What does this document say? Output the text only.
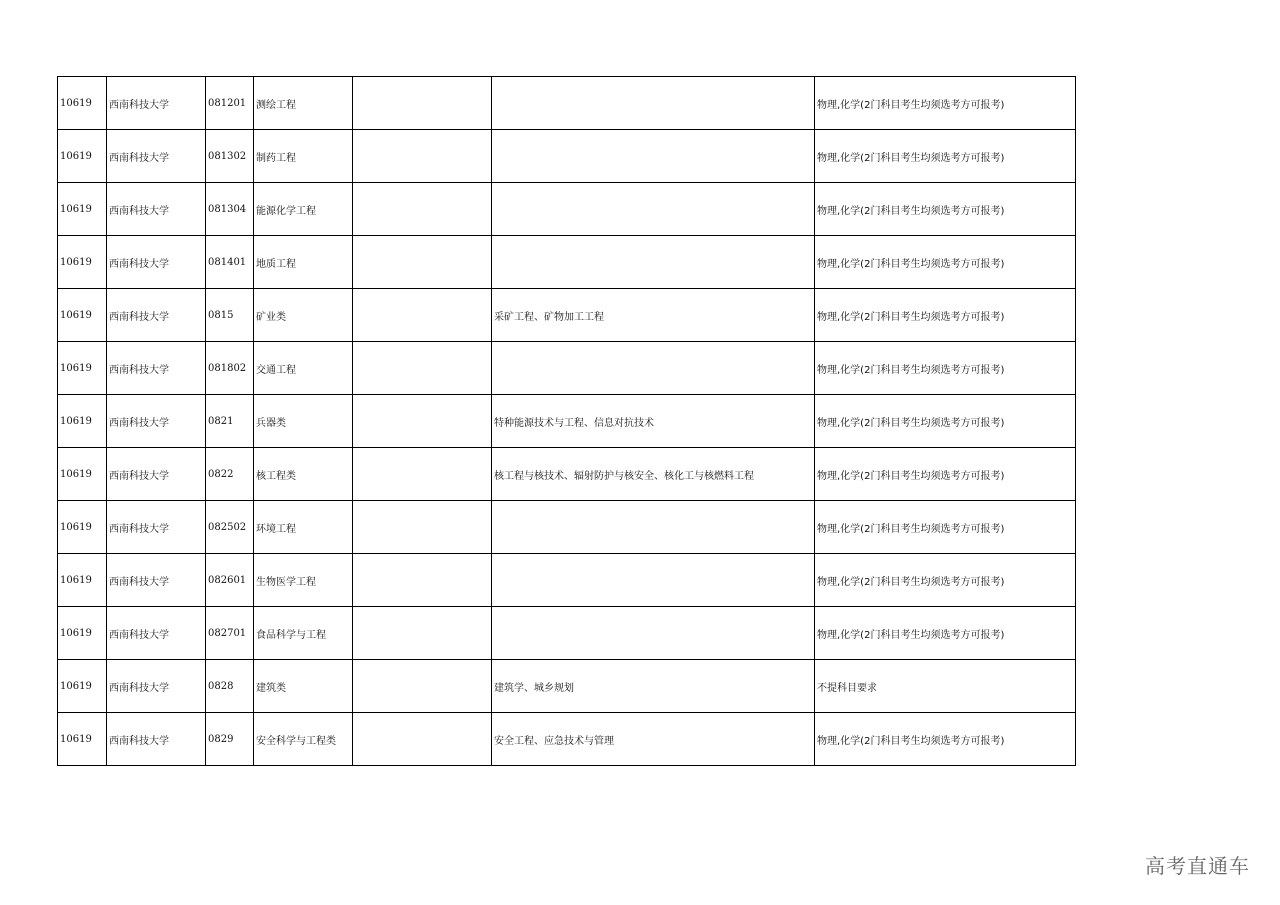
10619	西南科技大学	081201	测绘工程			物理,化学(2门科目考生均须选考方可报考)
10619	西南科技大学	081302	制药工程			物理,化学(2门科目考生均须选考方可报考)
10619	西南科技大学	081304	能源化学工程			物理,化学(2门科目考生均须选考方可报考)
10619	西南科技大学	081401	地质工程			物理,化学(2门科目考生均须选考方可报考)
10619	西南科技大学	0815	矿业类		采矿工程、矿物加工工程	物理,化学(2门科目考生均须选考方可报考)
10619	西南科技大学	081802	交通工程			物理,化学(2门科目考生均须选考方可报考)
10619	西南科技大学	0821	兵器类		特种能源技术与工程、信息对抗技术	物理,化学(2门科目考生均须选考方可报考)
10619	西南科技大学	0822	核工程类		核工程与核技术、辐射防护与核安全、核化工与核燃料工程	物理,化学(2门科目考生均须选考方可报考)
10619	西南科技大学	082502	环境工程			物理,化学(2门科目考生均须选考方可报考)
10619	西南科技大学	082601	生物医学工程			物理,化学(2门科目考生均须选考方可报考)
10619	西南科技大学	082701	食品科学与工程			物理,化学(2门科目考生均须选考方可报考)
10619	西南科技大学	0828	建筑类		建筑学、城乡规划	不提科目要求
10619	西南科技大学	0829	安全科学与工程类		安全工程、应急技术与管理	物理,化学(2门科目考生均须选考方可报考)
高考直通车
